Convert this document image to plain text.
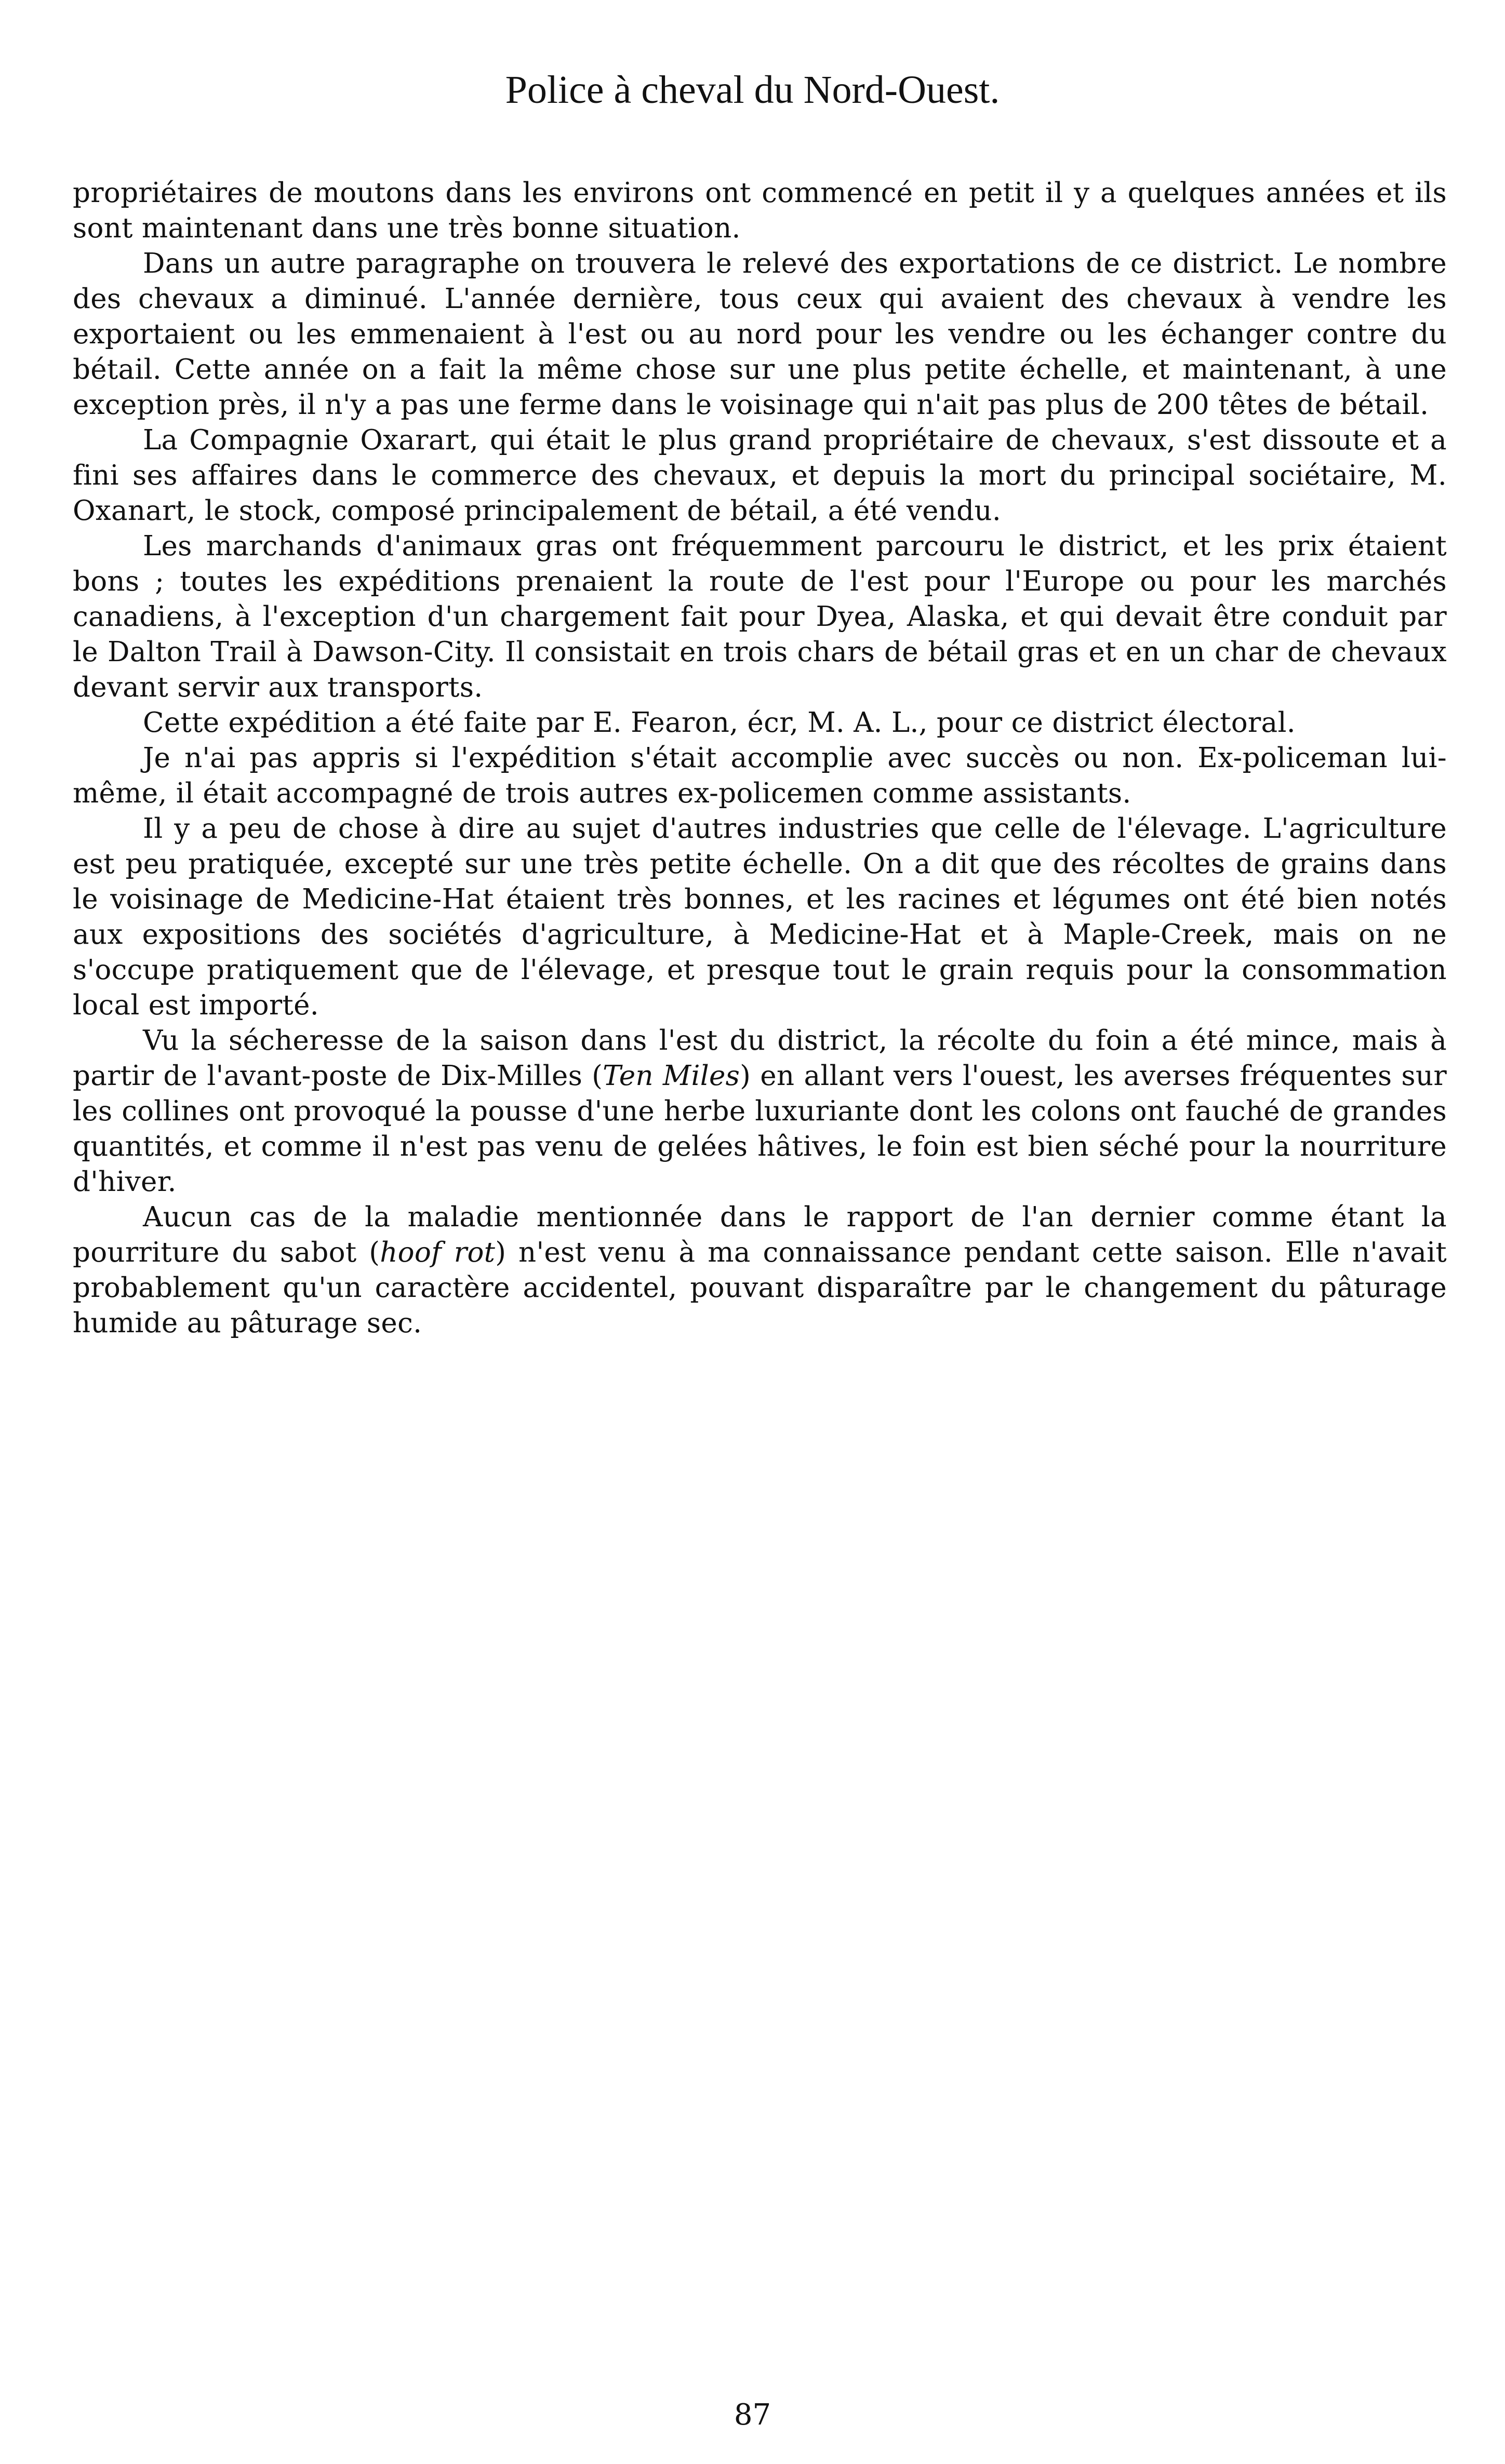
Police à cheval du Nord-Ouest.

propriétaires de moutons dans les environs ont commencé en petit il y a quelques années et ils sont maintenant dans une très bonne situation.

Dans un autre paragraphe on trouvera le relevé des exportations de ce district. Le nombre des chevaux a diminué. L'année dernière, tous ceux qui avaient des chevaux à vendre les exportaient ou les emmenaient à l'est ou au nord pour les vendre ou les échanger contre du bétail. Cette année on a fait la même chose sur une plus petite échelle, et maintenant, à une exception près, il n'y a pas une ferme dans le voisinage qui n'ait pas plus de 200 têtes de bétail.

La Compagnie Oxarart, qui était le plus grand propriétaire de chevaux, s'est dissoute et a fini ses affaires dans le commerce des chevaux, et depuis la mort du principal sociétaire, M. Oxanart, le stock, composé principalement de bétail, a été vendu.

Les marchands d'animaux gras ont fréquemment parcouru le district, et les prix étaient bons ; toutes les expéditions prenaient la route de l'est pour l'Europe ou pour les marchés canadiens, à l'exception d'un chargement fait pour Dyea, Alaska, et qui devait être conduit par le Dalton Trail à Dawson-City. Il consistait en trois chars de bétail gras et en un char de chevaux devant servir aux transports.

Cette expédition a été faite par E. Fearon, écr, M. A. L., pour ce district électoral.

Je n'ai pas appris si l'expédition s'était accomplie avec succès ou non. Ex-policeman lui-même, il était accompagné de trois autres ex-policemen comme assistants.

Il y a peu de chose à dire au sujet d'autres industries que celle de l'élevage. L'agriculture est peu pratiquée, excepté sur une très petite échelle. On a dit que des récoltes de grains dans le voisinage de Medicine-Hat étaient très bonnes, et les racines et légumes ont été bien notés aux expositions des sociétés d'agriculture, à Medicine-Hat et à Maple-Creek, mais on ne s'occupe pratiquement que de l'élevage, et presque tout le grain requis pour la consommation local est importé.

Vu la sécheresse de la saison dans l'est du district, la récolte du foin a été mince, mais à partir de l'avant-poste de Dix-Milles (Ten Miles) en allant vers l'ouest, les averses fréquentes sur les collines ont provoqué la pousse d'une herbe luxuriante dont les colons ont fauché de grandes quantités, et comme il n'est pas venu de gelées hâtives, le foin est bien séché pour la nourriture d'hiver.

Aucun cas de la maladie mentionnée dans le rapport de l'an dernier comme étant la pourriture du sabot (hoof rot) n'est venu à ma connaissance pendant cette saison. Elle n'avait probablement qu'un caractère accidentel, pouvant disparaître par le changement du pâturage humide au pâturage sec.

87
